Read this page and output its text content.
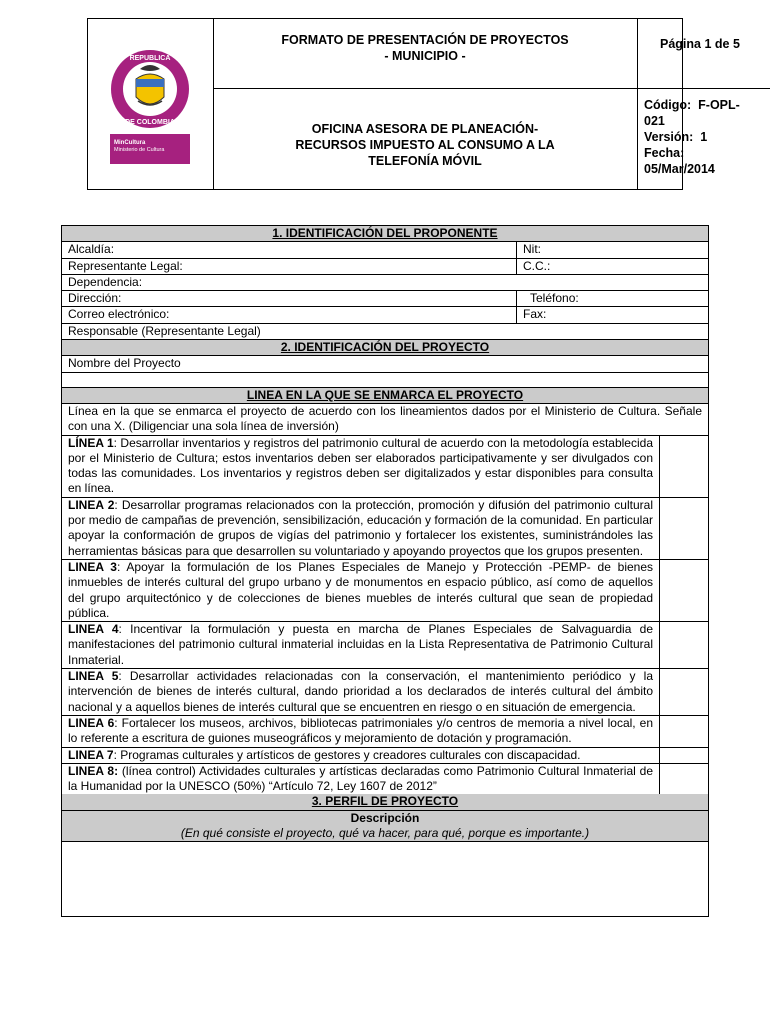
REPUBLICA
DE COLOMBIA
MinCultura
Ministerio de Cultura
FORMATO DE PRESENTACIÓN DE PROYECTOS
- MUNICIPIO -
Página 1 de 5
OFICINA ASESORA DE PLANEACIÓN-
RECURSOS IMPUESTO AL CONSUMO A LA
TELEFONÍA MÓVIL
Código:  F-OPL-
021
Versión:  1
Fecha:
05/Mar/2014
1. IDENTIFICACIÓN DEL PROPONENTE
Alcaldía:	Nit:
Representante Legal:	C.C.:
Dependencia:
Dirección:	Teléfono:
Correo electrónico:	Fax:
Responsable (Representante Legal)
2. IDENTIFICACIÓN DEL PROYECTO
Nombre del Proyecto
LINEA EN LA QUE SE ENMARCA EL PROYECTO
Línea en la que se enmarca el proyecto de acuerdo con los lineamientos dados por el Ministerio de Cultura. Señale con una X. (Diligenciar una sola línea de inversión)
LÍNEA 1: Desarrollar inventarios y registros del patrimonio cultural de acuerdo con la metodología establecida por el Ministerio de Cultura; estos inventarios deben ser elaborados participativamente y ser divulgados con todas las comunidades. Los inventarios y registros deben ser digitalizados y estar disponibles para consulta en línea.
LINEA 2: Desarrollar programas relacionados con la protección, promoción y difusión del patrimonio cultural por medio de campañas de prevención, sensibilización, educación y formación de la comunidad. En particular apoyar la conformación de grupos de vigías del patrimonio y fortalecer los existentes, suministrándoles las herramientas básicas para que desarrollen su voluntariado y apoyando proyectos que los grupos presenten.
LINEA 3: Apoyar la formulación de los Planes Especiales de Manejo y Protección -PEMP- de bienes inmuebles de interés cultural del grupo urbano y de monumentos en espacio público, así como de aquellos del grupo arquitectónico y de colecciones de bienes muebles de interés cultural que sean de propiedad pública.
LINEA 4: Incentivar la formulación y puesta en marcha de Planes Especiales de Salvaguardia de manifestaciones del patrimonio cultural inmaterial incluidas en la Lista Representativa de Patrimonio Cultural Inmaterial.
LINEA 5: Desarrollar actividades relacionadas con la conservación, el mantenimiento periódico y la intervención de bienes de interés cultural, dando prioridad a los declarados de interés cultural del ámbito nacional y a aquellos bienes de interés cultural que se encuentren en riesgo o en situación de emergencia.
LINEA 6: Fortalecer los museos, archivos, bibliotecas patrimoniales y/o centros de memoria a nivel local, en lo referente a escritura de guiones museográficos y mejoramiento de dotación y programación.
LINEA 7: Programas culturales y artísticos de gestores y creadores culturales con discapacidad.
LINEA 8: (línea control) Actividades culturales y artísticas declaradas como Patrimonio Cultural Inmaterial de la Humanidad por la UNESCO (50%) “Artículo 72, Ley 1607 de 2012”
3. PERFIL DE PROYECTO
Descripción
(En qué consiste el proyecto, qué va hacer, para qué, porque es importante.)
